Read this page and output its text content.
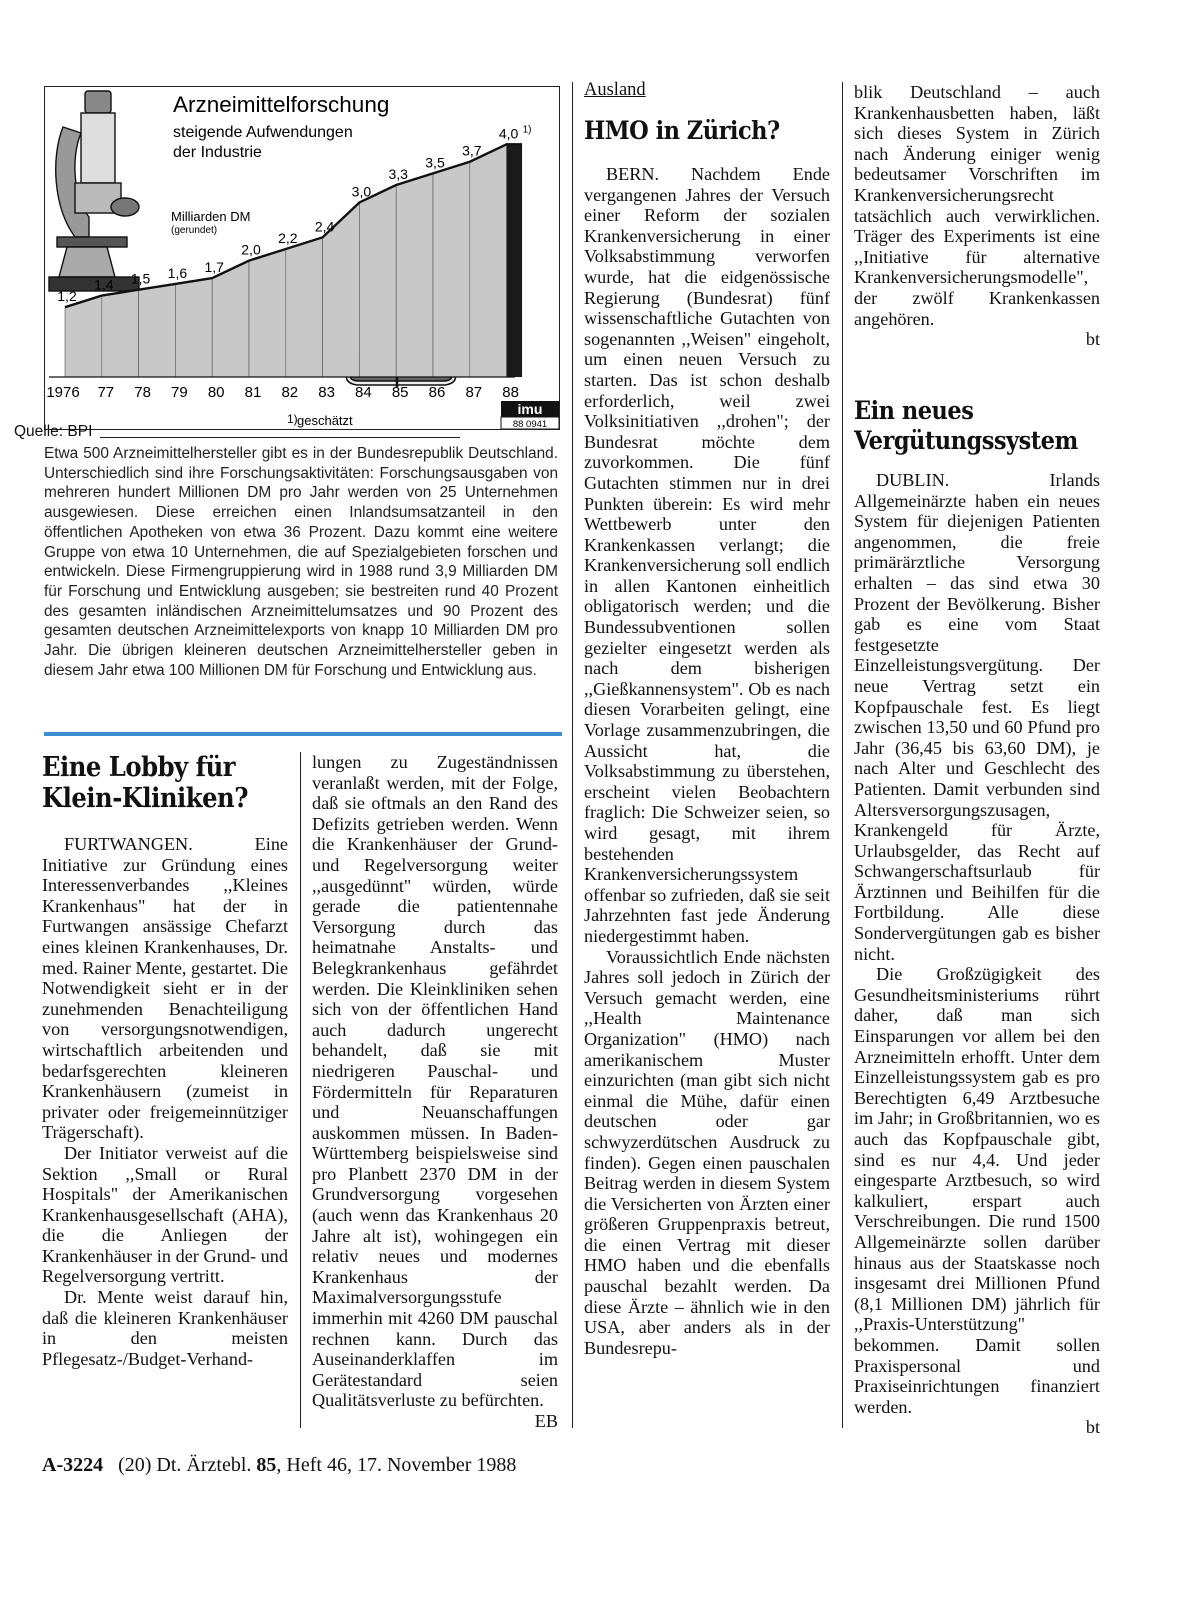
1,2
1,4 1,5 1,6 1,7
2,0
2,2
2,4
3,0
3,3
3,5
3,7
4,0 1)
1976 77 78 79 80 81 82 83 84 85 86 87 88
Arzneimittelforschung
steigende Aufwendungen
der Industrie
Milliarden DM
(gerundet)
1) geschätzt
imu
88 0941
Quelle: BPI
Etwa 500 Arzneimittelhersteller gibt es in der Bundesrepublik Deutschland. Unterschiedlich sind ihre Forschungsaktivitäten: Forschungsausgaben von mehreren hundert Millionen DM pro Jahr werden von 25 Unternehmen ausgewiesen. Diese erreichen einen Inlandsumsatzanteil in den öffentlichen Apotheken von etwa 36 Prozent. Dazu kommt eine weitere Gruppe von etwa 10 Unternehmen, die auf Spezialgebieten forschen und entwickeln. Diese Firmengruppierung wird in 1988 rund 3,9 Milliarden DM für Forschung und Entwicklung ausgeben; sie bestreiten rund 40 Prozent des gesamten inländischen Arzneimittelumsatzes und 90 Prozent des gesamten deutschen Arzneimittelexports von knapp 10 Milliarden DM pro Jahr. Die übrigen kleineren deutschen Arzneimittelhersteller geben in diesem Jahr etwa 100 Millionen DM für Forschung und Entwicklung aus.
Eine Lobby für
Klein-Kliniken?

FURTWANGEN. Eine Initiative zur Gründung eines Interessenverbandes ,,Kleines Krankenhaus" hat der in Furtwangen ansässige Chefarzt eines kleinen Krankenhauses, Dr. med. Rainer Mente, gestartet. Die Notwendigkeit sieht er in der zunehmenden Benachteiligung von versorgungsnotwendigen, wirtschaftlich arbeitenden und bedarfsgerechten kleineren Krankenhäusern (zumeist in privater oder freigemeinnütziger Trägerschaft).

Der Initiator verweist auf die Sektion ,,Small or Rural Hospitals" der Amerikanischen Krankenhausgesellschaft (AHA), die die Anliegen der Krankenhäuser in der Grund- und Regelversorgung vertritt.

Dr. Mente weist darauf hin, daß die kleineren Krankenhäuser in den meisten Pflegesatz-/Budget-Verhand-

lungen zu Zugeständnissen veranlaßt werden, mit der Folge, daß sie oftmals an den Rand des Defizits getrieben werden. Wenn die Krankenhäuser der Grund- und Regelversorgung weiter ,,ausgedünnt" würden, würde gerade die patientennahe Versorgung durch das heimatnahe Anstalts- und Belegkrankenhaus gefährdet werden. Die Kleinkliniken sehen sich von der öffentlichen Hand auch dadurch ungerecht behandelt, daß sie mit niedrigeren Pauschal- und Fördermitteln für Reparaturen und Neuanschaffungen auskommen müssen. In Baden-Württemberg beispielsweise sind pro Planbett 2370 DM in der Grundversorgung vorgesehen (auch wenn das Krankenhaus 20 Jahre alt ist), wohingegen ein relativ neues und modernes Krankenhaus der Maximalversorgungsstufe immerhin mit 4260 DM pauschal rechnen kann. Durch das Auseinanderklaffen im Gerätestandard seien Qualitätsverluste zu befürchten.

EB

Ausland
HMO in Zürich?

BERN. Nachdem Ende vergangenen Jahres der Versuch einer Reform der sozialen Krankenversicherung in einer Volksabstimmung verworfen wurde, hat die eidgenössische Regierung (Bundesrat) fünf wissenschaftliche Gutachten von sogenannten ,,Weisen" eingeholt, um einen neuen Versuch zu starten. Das ist schon deshalb erforderlich, weil zwei Volksinitiativen ,,drohen"; der Bundesrat möchte dem zuvorkommen. Die fünf Gutachten stimmen nur in drei Punkten überein: Es wird mehr Wettbewerb unter den Krankenkassen verlangt; die Krankenversicherung soll endlich in allen Kantonen einheitlich obligatorisch werden; und die Bundessubventionen sollen gezielter eingesetzt werden als nach dem bisherigen ,,Gießkannensystem". Ob es nach diesen Vorarbeiten gelingt, eine Vorlage zusammenzubringen, die Aussicht hat, die Volksabstimmung zu überstehen, erscheint vielen Beobachtern fraglich: Die Schweizer seien, so wird gesagt, mit ihrem bestehenden Krankenversicherungssystem offenbar so zufrieden, daß sie seit Jahrzehnten fast jede Änderung niedergestimmt haben.

Voraussichtlich Ende nächsten Jahres soll jedoch in Zürich der Versuch gemacht werden, eine ,,Health Maintenance Organization" (HMO) nach amerikanischem Muster einzurichten (man gibt sich nicht einmal die Mühe, dafür einen deutschen oder gar schwyzerdütschen Ausdruck zu finden). Gegen einen pauschalen Beitrag werden in diesem System die Versicherten von Ärzten einer größeren Gruppenpraxis betreut, die einen Vertrag mit dieser HMO haben und die ebenfalls pauschal bezahlt werden. Da diese Ärzte – ähnlich wie in den USA, aber anders als in der Bundesrepu-

blik Deutschland – auch Krankenhausbetten haben, läßt sich dieses System in Zürich nach Änderung einiger wenig bedeutsamer Vorschriften im Krankenversicherungsrecht tatsächlich auch verwirklichen. Träger des Experiments ist eine ,,Initiative für alternative Krankenversicherungsmodelle", der zwölf Krankenkassen angehören.

bt

Ein neues
Vergütungssystem

DUBLIN. Irlands Allgemeinärzte haben ein neues System für diejenigen Patienten angenommen, die freie primärärztliche Versorgung erhalten – das sind etwa 30 Prozent der Bevölkerung. Bisher gab es eine vom Staat festgesetzte Einzelleistungsvergütung. Der neue Vertrag setzt ein Kopfpauschale fest. Es liegt zwischen 13,50 und 60 Pfund pro Jahr (36,45 bis 63,60 DM), je nach Alter und Geschlecht des Patienten. Damit verbunden sind Altersversorgungszusagen, Krankengeld für Ärzte, Urlaubsgelder, das Recht auf Schwangerschaftsurlaub für Ärztinnen und Beihilfen für die Fortbildung. Alle diese Sondervergütungen gab es bisher nicht.

Die Großzügigkeit des Gesundheitsministeriums rührt daher, daß man sich Einsparungen vor allem bei den Arzneimitteln erhofft. Unter dem Einzelleistungssystem gab es pro Berechtigten 6,49 Arztbesuche im Jahr; in Großbritannien, wo es auch das Kopfpauschale gibt, sind es nur 4,4. Und jeder eingesparte Arztbesuch, so wird kalkuliert, erspart auch Verschreibungen. Die rund 1500 Allgemeinärzte sollen darüber hinaus aus der Staatskasse noch insgesamt drei Millionen Pfund (8,1 Millionen DM) jährlich für ,,Praxis-Unterstützung" bekommen. Damit sollen Praxispersonal und Praxiseinrichtungen finanziert werden.

bt

A-3224 (20) Dt. Ärztebl. 85, Heft 46, 17. November 1988
